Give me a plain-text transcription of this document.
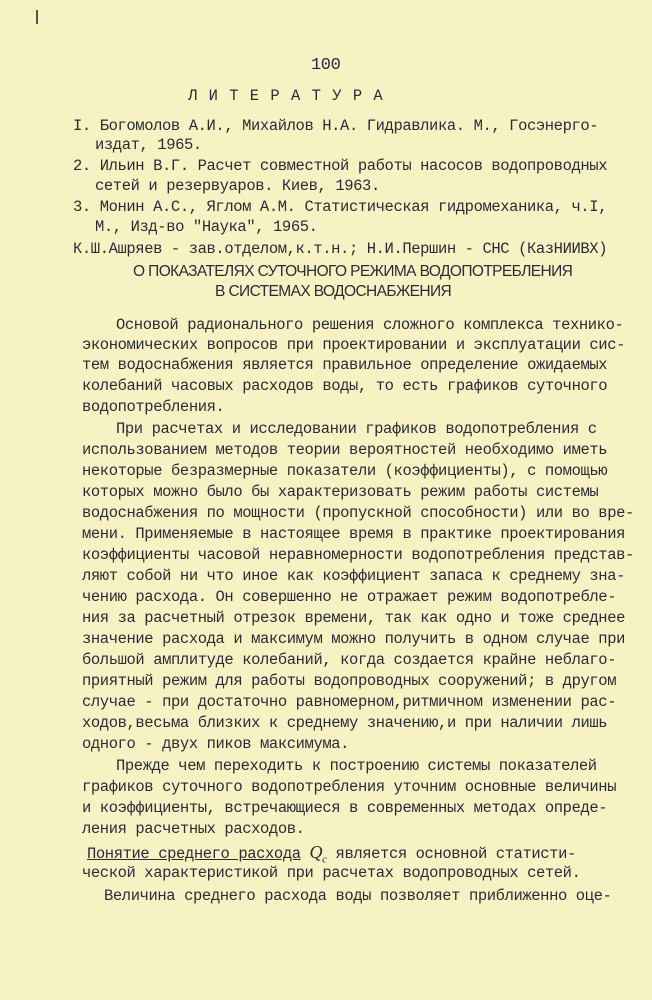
100
Л И Т Е Р А Т У Р А
I. Богомолов А.И., Михайлов Н.А. Гидравлика. М., Госэнерго-
издат, 1965.
2. Ильин В.Г. Расчет совместной работы насосов водопроводных
сетей и резервуаров. Киев, 1963.
3. Монин А.С., Яглом А.М. Статистическая гидромеханика, ч.I,
М., Изд-во "Наука", 1965.
К.Ш.Ашряев - зав.отделом,к.т.н.; Н.И.Першин - СНС (КазНИИВХ)
О ПОКАЗАТЕЛЯХ СУТОЧНОГО РЕЖИМА ВОДОПОТРЕБЛЕНИЯ
В СИСТЕМАХ ВОДОСНАБЖЕНИЯ
Основой радионального решения сложного комплекса технико-
экономических вопросов при проектировании и эксплуатации сис-
тем водоснабжения является правильное определение ожидаемых
колебаний часовых расходов воды, то есть графиков суточного
водопотребления.
При расчетах и исследовании графиков водопотребления с
использованием методов теории вероятностей необходимо иметь
некоторые безразмерные показатели (коэффициенты), с помощью
которых можно было бы характеризовать режим работы системы
водоснабжения по мощности (пропускной способности) или во вре-
мени. Применяемые в настоящее время в практике проектирования
коэффициенты часовой неравномерности водопотребления представ-
ляют собой ни что иное как коэффициент запаса к среднему зна-
чению расхода. Он совершенно не отражает режим водопотребле-
ния за расчетный отрезок времени, так как одно и тоже среднее
значение расхода и максимум можно получить в одном случае при
большой амплитуде колебаний, когда создается крайне неблаго-
приятный режим для работы водопроводных сооружений; в другом
случае - при достаточно равномерном,ритмичном изменении рас-
ходов,весьма близких к среднему значению,и при наличии лишь
одного - двух пиков максимума.
Прежде чем переходить к построению системы показателей
графиков суточного водопотребления уточним основные величины
и коэффициенты, встречающиеся в современных методах опреде-
ления расчетных расходов.
Понятие среднего расхода $Q_c$ является основной статисти-
ческой характеристикой при расчетах водопроводных сетей.
Величина среднего расхода воды позволяет приближенно оце-
